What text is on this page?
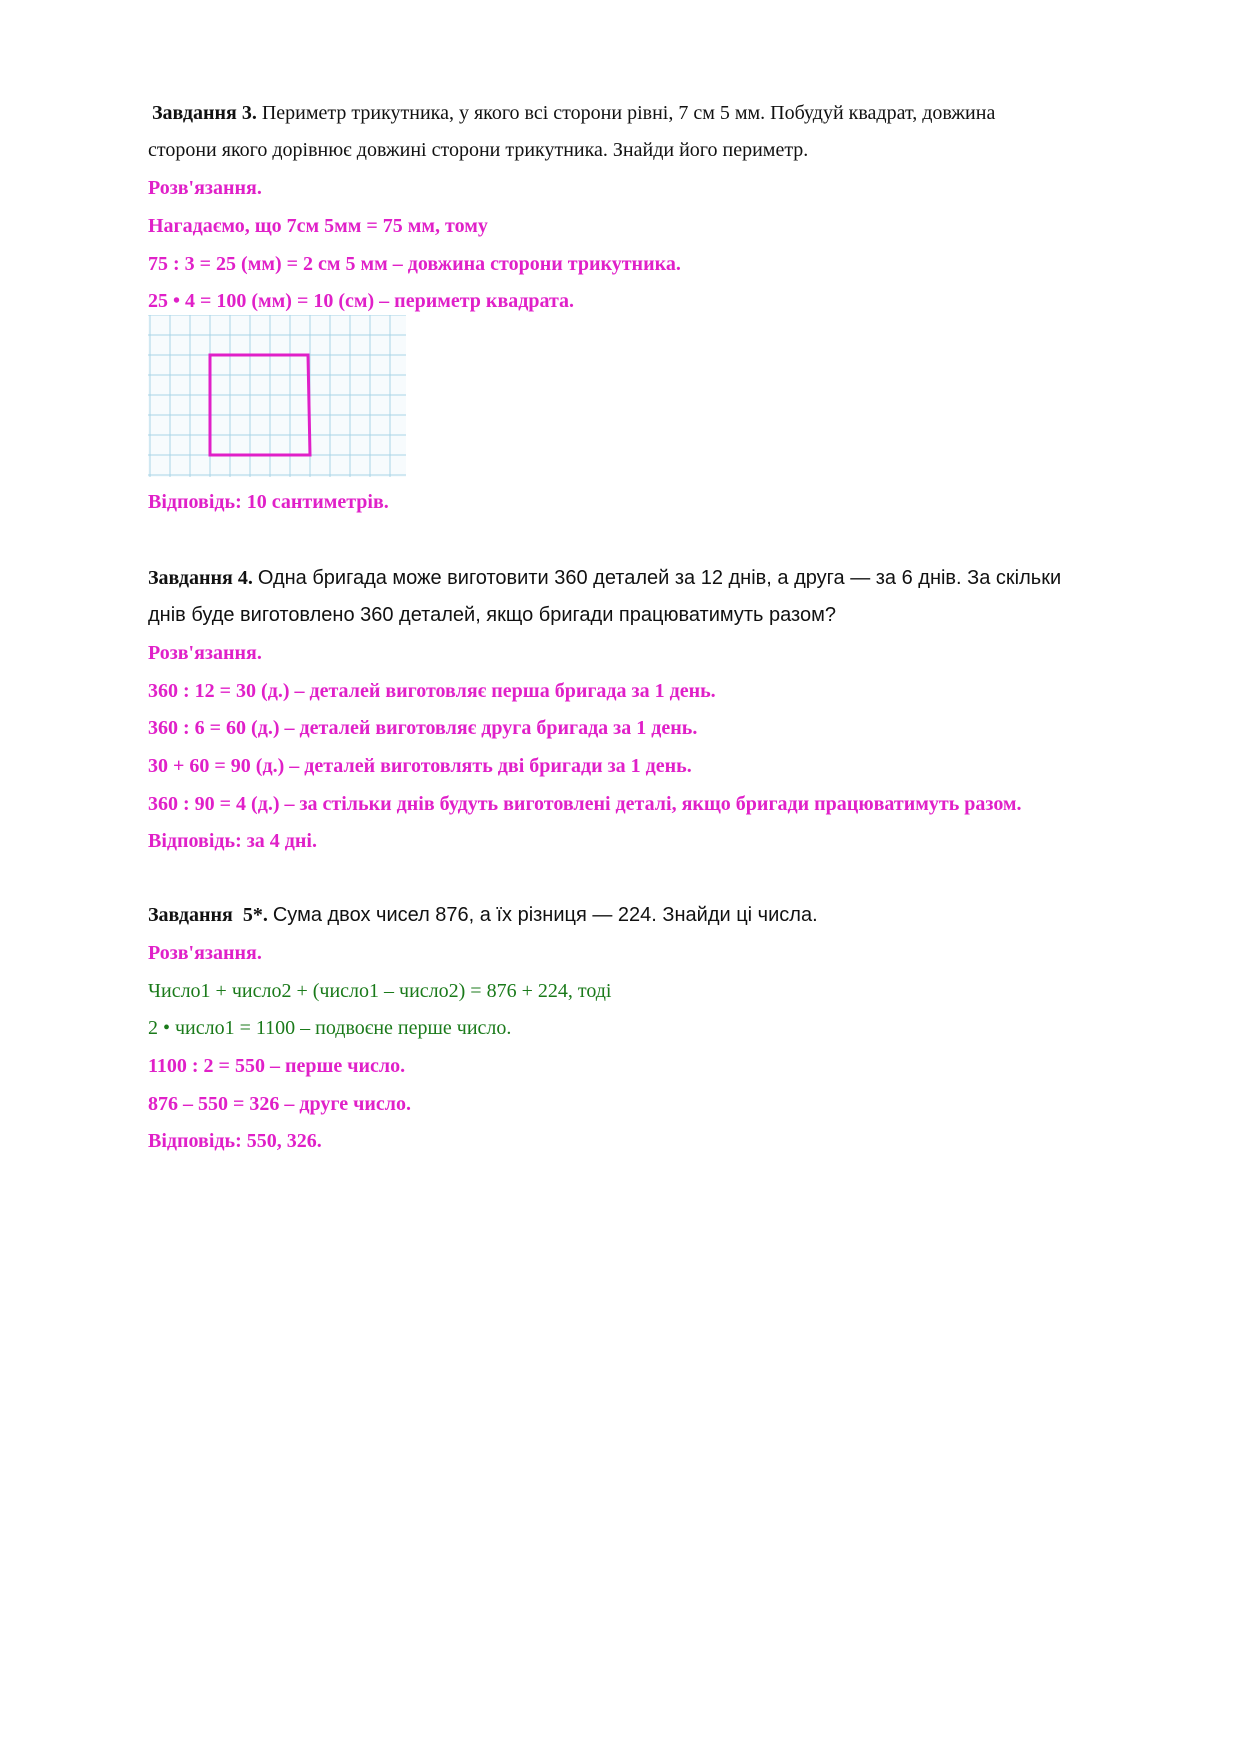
Завдання 3. Периметр трикутника, у якого всі сторони рівні, 7 см 5 мм. Побудуй квадрат, довжина
сторони якого дорівнює довжині сторони трикутника. Знайди його периметр.
Розв'язання.
Нагадаємо, що 7см 5мм = 75 мм, тому
75 : 3 = 25 (мм) = 2 см 5 мм – довжина сторони трикутника.
25 • 4 = 100 (мм) = 10 (см) – периметр квадрата.
Відповідь: 10 сантиметрів.
Завдання 4. Одна бригада може виготовити 360 деталей за 12 днів, а друга — за 6 днів. За скільки
днів буде виготовлено 360 деталей, якщо бригади працюватимуть разом?
Розв'язання.
360 : 12 = 30 (д.) – деталей виготовляє перша бригада за 1 день.
360 : 6 = 60 (д.) – деталей виготовляє друга бригада за 1 день.
30 + 60 = 90 (д.) – деталей виготовлять дві бригади за 1 день.
360 : 90 = 4 (д.) – за стільки днів будуть виготовлені деталі, якщо бригади працюватимуть разом.
Відповідь: за 4 дні.
Завдання  5*. Сума двох чисел 876, а їх різниця — 224. Знайди ці числа.
Розв'язання.
Число1 + число2 + (число1 – число2) = 876 + 224, тоді
2 • число1 = 1100 – подвоєне перше число.
1100 : 2 = 550 – перше число.
876 – 550 = 326 – друге число.
Відповідь: 550, 326.
